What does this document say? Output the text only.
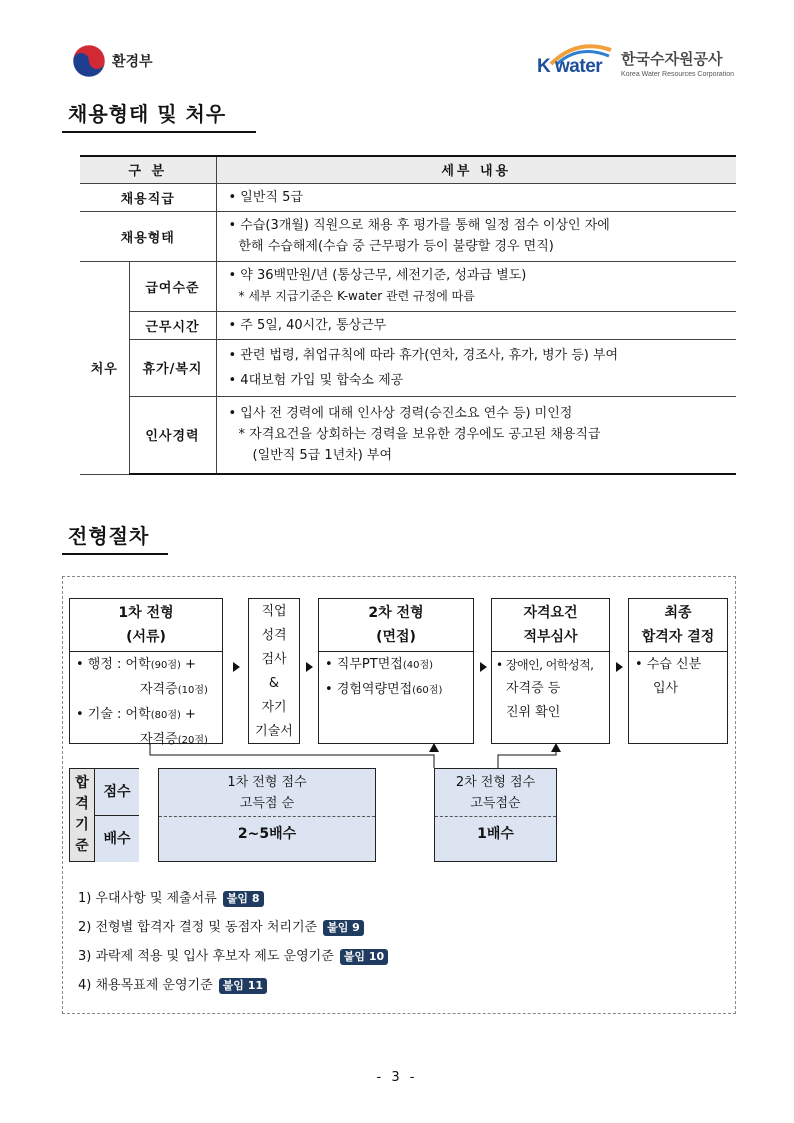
환경부	K water 한국수자원공사
Korea Water Resources Corporation
채용형태 및 처우
구 분		세부 내용
채용직급		• 일반직 5급

채용형태		• 수습(3개월) 직원으로 채용 후 평가를 통해 일정 점수 이상인 자에
한해 수습해제(수습 중 근무평가 등이 불량할 경우 면직)

처우	급여수준	• 약 36백만원/년 (통상근무, 세전기준, 성과급 별도)
* 세부 지급기준은 K-water 관련 규정에 따름

	근무시간	• 주 5일, 40시간, 통상근무

	휴가/복지	• 관련 법령, 취업규칙에 따라 휴가(연차, 경조사, 휴가, 병가 등) 부여
• 4대보험 가입 및 합숙소 제공

	인사경력	• 입사 전 경력에 대해 인사상 경력(승진소요 연수 등) 미인정
* 자격요건을 상회하는 경력을 보유한 경우에도 공고된 채용직급
(일반직 5급 1년차) 부여
전형절차
1차 전형
(서류)
• 행정 : 어학(90점) +
자격증(10점)
• 기술 : 어학(80점) +
자격증(20점)
직업
성격
검사
&
자기
기술서
2차 전형
(면접)
• 직무PT면접(40점)
• 경험역량면접(60점)
자격요건
적부심사
• 장애인, 어학성적,
자격증 등
진위 확인
최종
합격자 결정
• 수습 신분
입사
합
격
기
준
점수
배수
1차 전형 점수
고득점 순
2~5배수
2차 전형 점수
고득점순
1배수
1) 우대사항 및 제출서류 붙임 8
2) 전형별 합격자 결정 및 동점자 처리기준 붙임 9
3) 과락제 적용 및 입사 후보자 제도 운영기준 붙임 10
4) 채용목표제 운영기준 붙임 11
- 3 -
